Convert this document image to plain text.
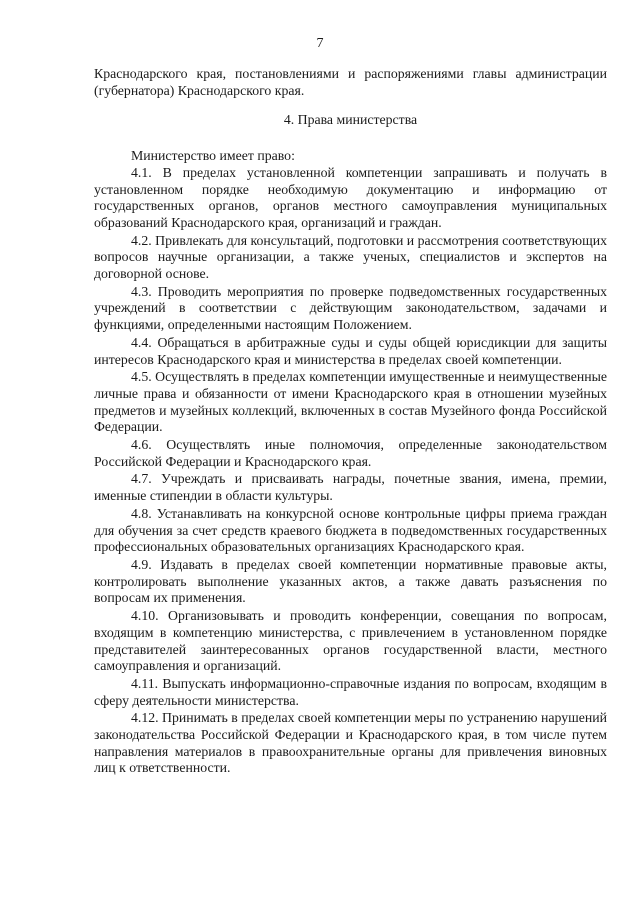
7

Краснодарского края, постановлениями и распоряжениями главы администрации (губернатора) Краснодарского края.

4. Права министерства

Министерство имеет право:

4.1. В пределах установленной компетенции запрашивать и получать в установленном порядке необходимую документацию и информацию от государственных органов, органов местного самоуправления муниципальных образований Краснодарского края, организаций и граждан.

4.2. Привлекать для консультаций, подготовки и рассмотрения соответствующих вопросов научные организации, а также ученых, специалистов и экспертов на договорной основе.

4.3. Проводить мероприятия по проверке подведомственных государственных учреждений в соответствии с действующим законодательством, задачами и функциями, определенными настоящим Положением.

4.4. Обращаться в арбитражные суды и суды общей юрисдикции для защиты интересов Краснодарского края и министерства в пределах своей компетенции.

4.5. Осуществлять в пределах компетенции имущественные и неимущественные личные права и обязанности от имени Краснодарского края в отношении музейных предметов и музейных коллекций, включенных в состав Музейного фонда Российской Федерации.

4.6. Осуществлять иные полномочия, определенные законодательством Российской Федерации и Краснодарского края.

4.7. Учреждать и присваивать награды, почетные звания, имена, премии, именные стипендии в области культуры.

4.8. Устанавливать на конкурсной основе контрольные цифры приема граждан для обучения за счет средств краевого бюджета в подведомственных государственных профессиональных образовательных организациях Краснодарского края.

4.9. Издавать в пределах своей компетенции нормативные правовые акты, контролировать выполнение указанных актов, а также давать разъяснения по вопросам их применения.

4.10. Организовывать и проводить конференции, совещания по вопросам, входящим в компетенцию министерства, с привлечением в установленном порядке представителей заинтересованных органов государственной власти, местного самоуправления и организаций.

4.11. Выпускать информационно-справочные издания по вопросам, входящим в сферу деятельности министерства.

4.12. Принимать в пределах своей компетенции меры по устранению нарушений законодательства Российской Федерации и Краснодарского края, в том числе путем направления материалов в правоохранительные органы для привлечения виновных лиц к ответственности.
